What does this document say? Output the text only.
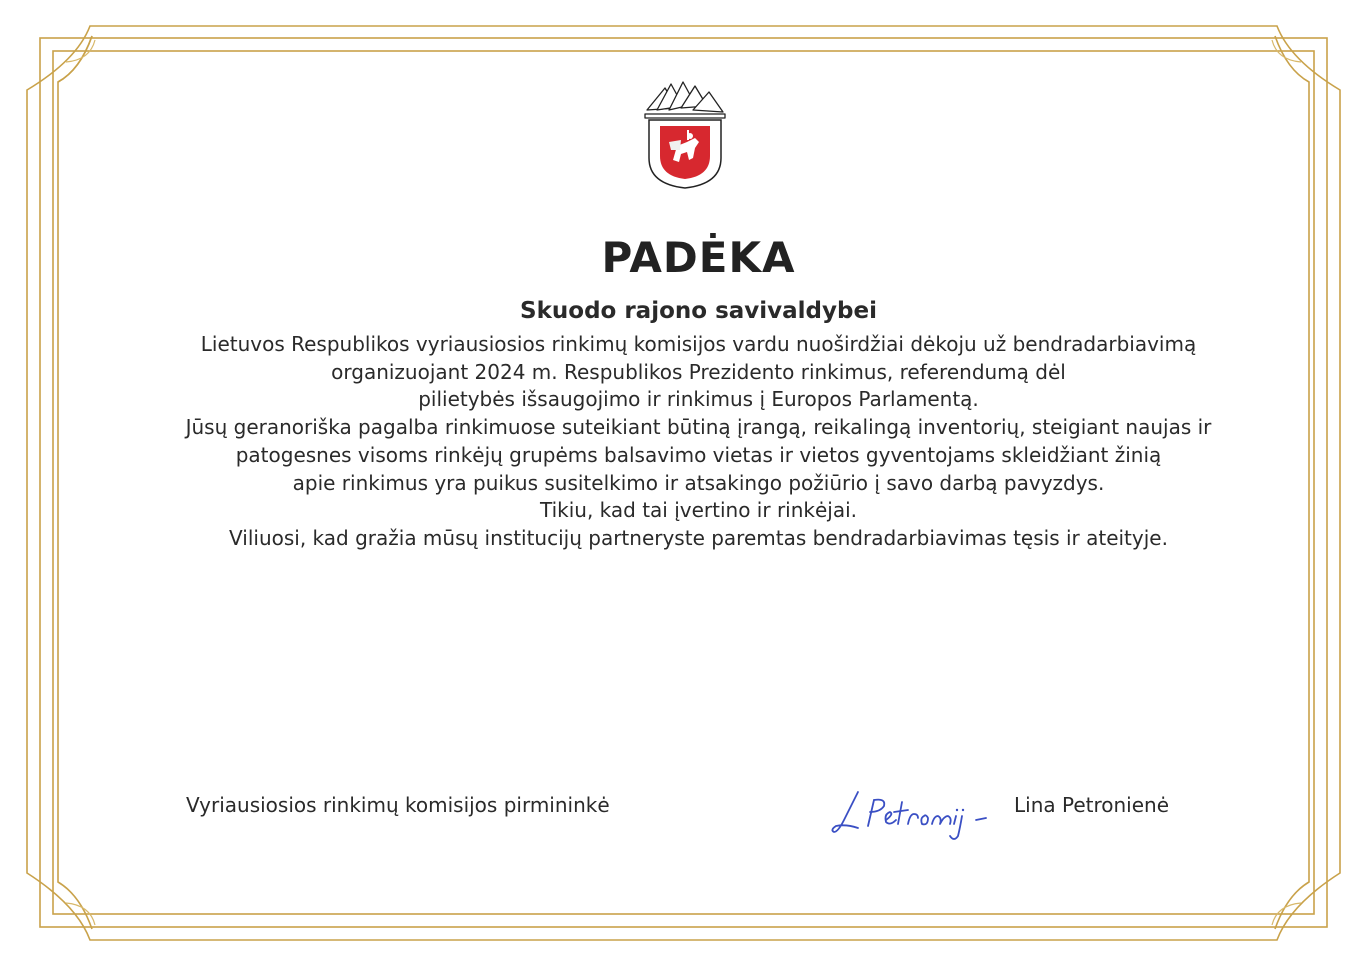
PADĖKA
Skuodo rajono savivaldybei
Lietuvos Respublikos vyriausiosios rinkimų komisijos vardu nuoširdžiai dėkoju už bendradarbiavimą
organizuojant 2024 m. Respublikos Prezidento rinkimus, referendumą dėl
pilietybės išsaugojimo ir rinkimus į Europos Parlamentą.
Jūsų geranoriška pagalba rinkimuose suteikiant būtiną įrangą, reikalingą inventorių, steigiant naujas ir
patogesnes visoms rinkėjų grupėms balsavimo vietas ir vietos gyventojams skleidžiant žinią
apie rinkimus yra puikus susitelkimo ir atsakingo požiūrio į savo darbą pavyzdys.
Tikiu, kad tai įvertino ir rinkėjai.
Viliuosi, kad gražia mūsų institucijų partneryste paremtas bendradarbiavimas tęsis ir ateityje.
Vyriausiosios rinkimų komisijos pirmininkė	Lina Petronienė
